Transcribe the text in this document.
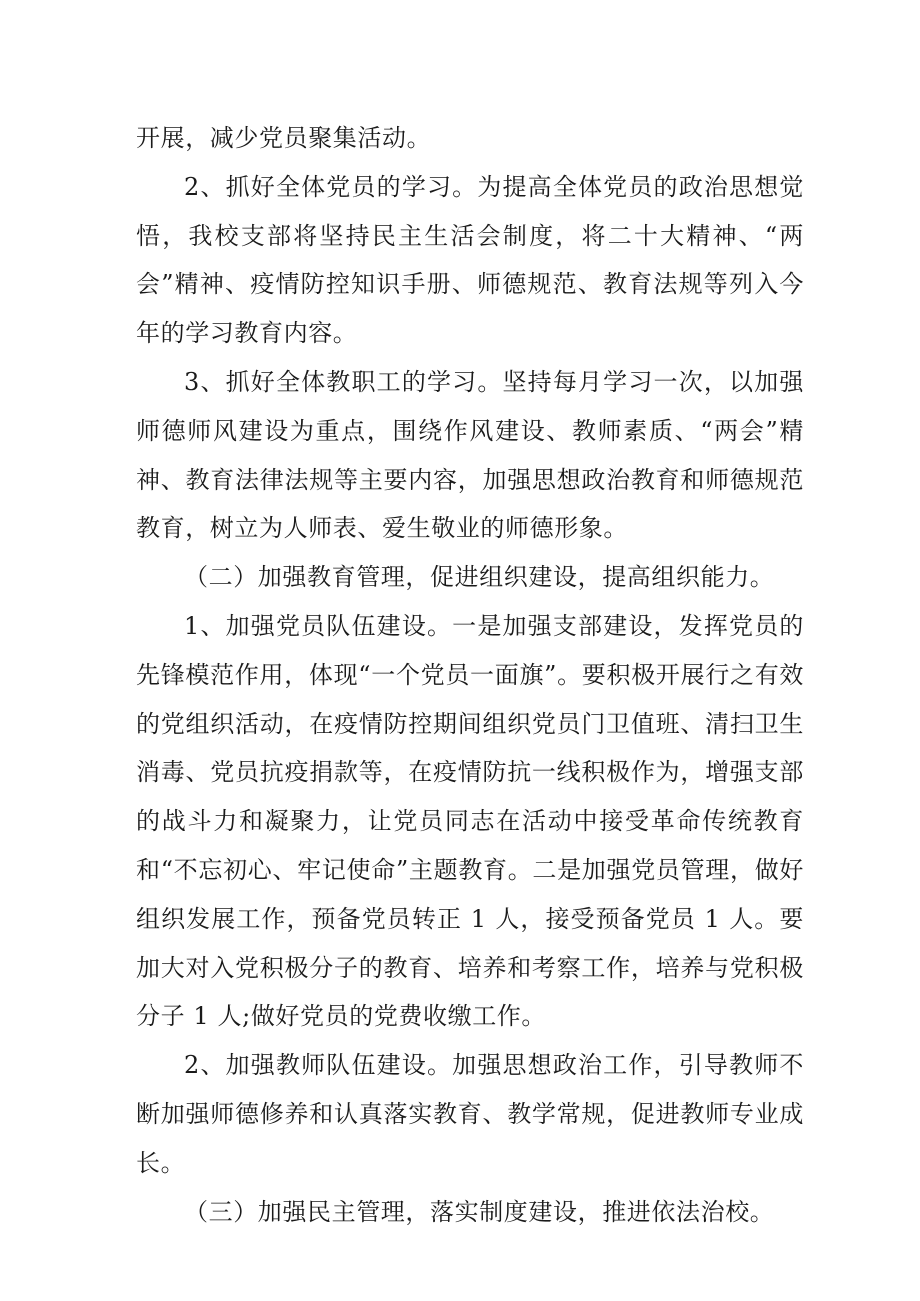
开展，减少党员聚集活动。

2、抓好全体党员的学习。为提高全体党员的政治思想觉悟，我校支部将坚持民主生活会制度，将二十大精神、“两会”精神、疫情防控知识手册、师德规范、教育法规等列入今年的学习教育内容。

3、抓好全体教职工的学习。坚持每月学习一次，以加强师德师风建设为重点，围绕作风建设、教师素质、“两会”精神、教育法律法规等主要内容，加强思想政治教育和师德规范教育，树立为人师表、爱生敬业的师德形象。

（二）加强教育管理，促进组织建设，提高组织能力。

1、加强党员队伍建设。一是加强支部建设，发挥党员的先锋模范作用，体现“一个党员一面旗”。要积极开展行之有效的党组织活动，在疫情防控期间组织党员门卫值班、清扫卫生消毒、党员抗疫捐款等，在疫情防抗一线积极作为，增强支部的战斗力和凝聚力，让党员同志在活动中接受革命传统教育和“不忘初心、牢记使命”主题教育。二是加强党员管理，做好组织发展工作，预备党员转正 1 人，接受预备党员 1 人。要加大对入党积极分子的教育、培养和考察工作，培养与党积极分子 1 人;做好党员的党费收缴工作。

2、加强教师队伍建设。加强思想政治工作，引导教师不断加强师德修养和认真落实教育、教学常规，促进教师专业成长。

（三）加强民主管理，落实制度建设，推进依法治校。
